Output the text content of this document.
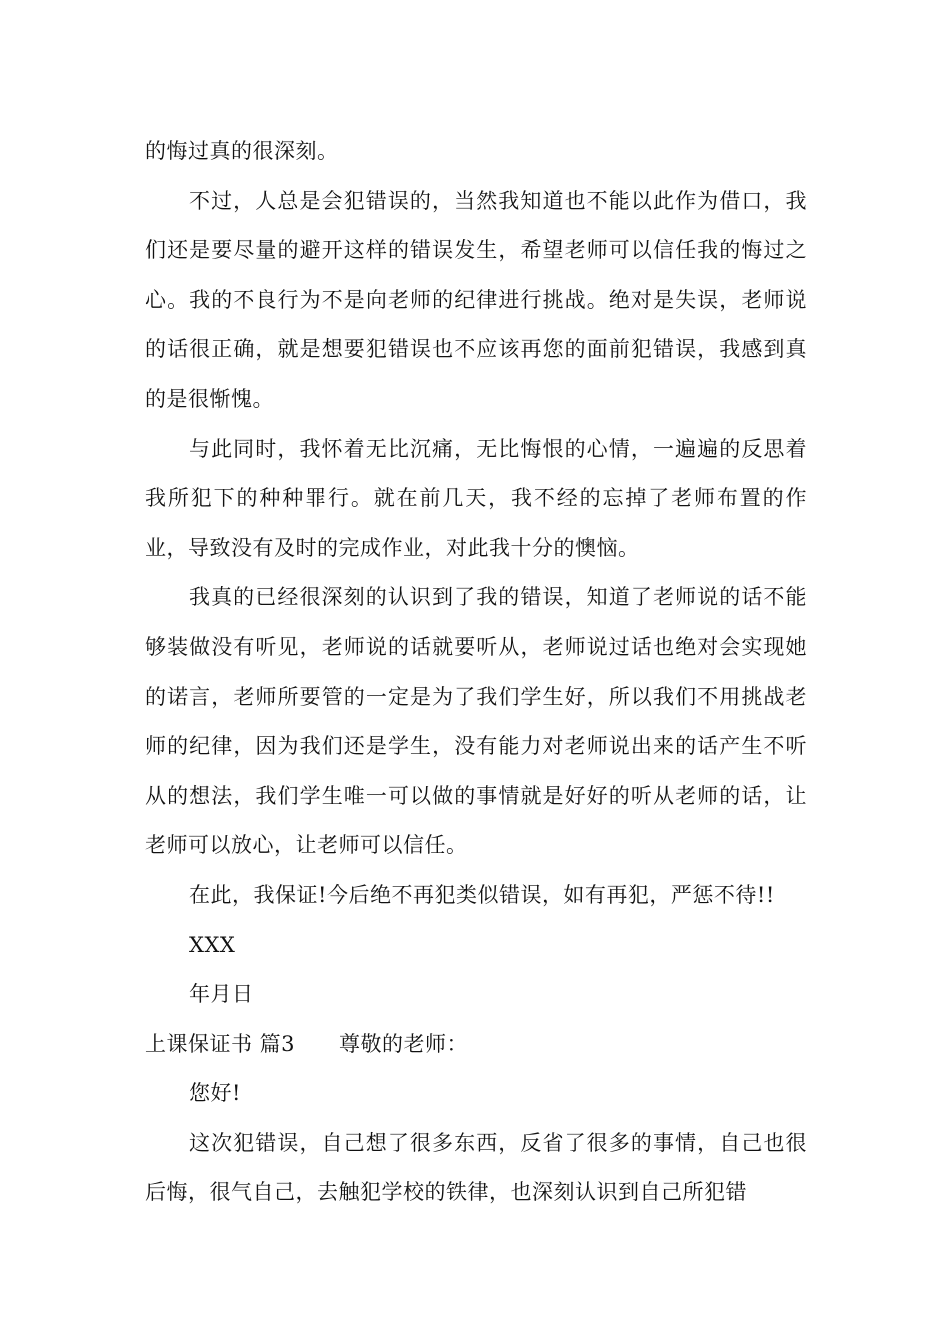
的悔过真的很深刻。

不过，人总是会犯错误的，当然我知道也不能以此作为借口，我们还是要尽量的避开这样的错误发生，希望老师可以信任我的悔过之心。我的不良行为不是向老师的纪律进行挑战。绝对是失误，老师说的话很正确，就是想要犯错误也不应该再您的面前犯错误，我感到真的是很惭愧。

与此同时，我怀着无比沉痛，无比悔恨的心情，一遍遍的反思着我所犯下的种种罪行。就在前几天，我不经的忘掉了老师布置的作业，导致没有及时的完成作业，对此我十分的懊恼。

我真的已经很深刻的认识到了我的错误，知道了老师说的话不能够装做没有听见，老师说的话就要听从，老师说过话也绝对会实现她的诺言，老师所要管的一定是为了我们学生好，所以我们不用挑战老师的纪律，因为我们还是学生，没有能力对老师说出来的话产生不听从的想法，我们学生唯一可以做的事情就是好好的听从老师的话，让老师可以放心，让老师可以信任。

在此，我保证!今后绝不再犯类似错误，如有再犯，严惩不待!!

XXX

年月日

上课保证书 篇3 尊敬的老师：

您好!

这次犯错误，自己想了很多东西，反省了很多的事情，自己也很后悔，很气自己，去触犯学校的铁律，也深刻认识到自己所犯错
